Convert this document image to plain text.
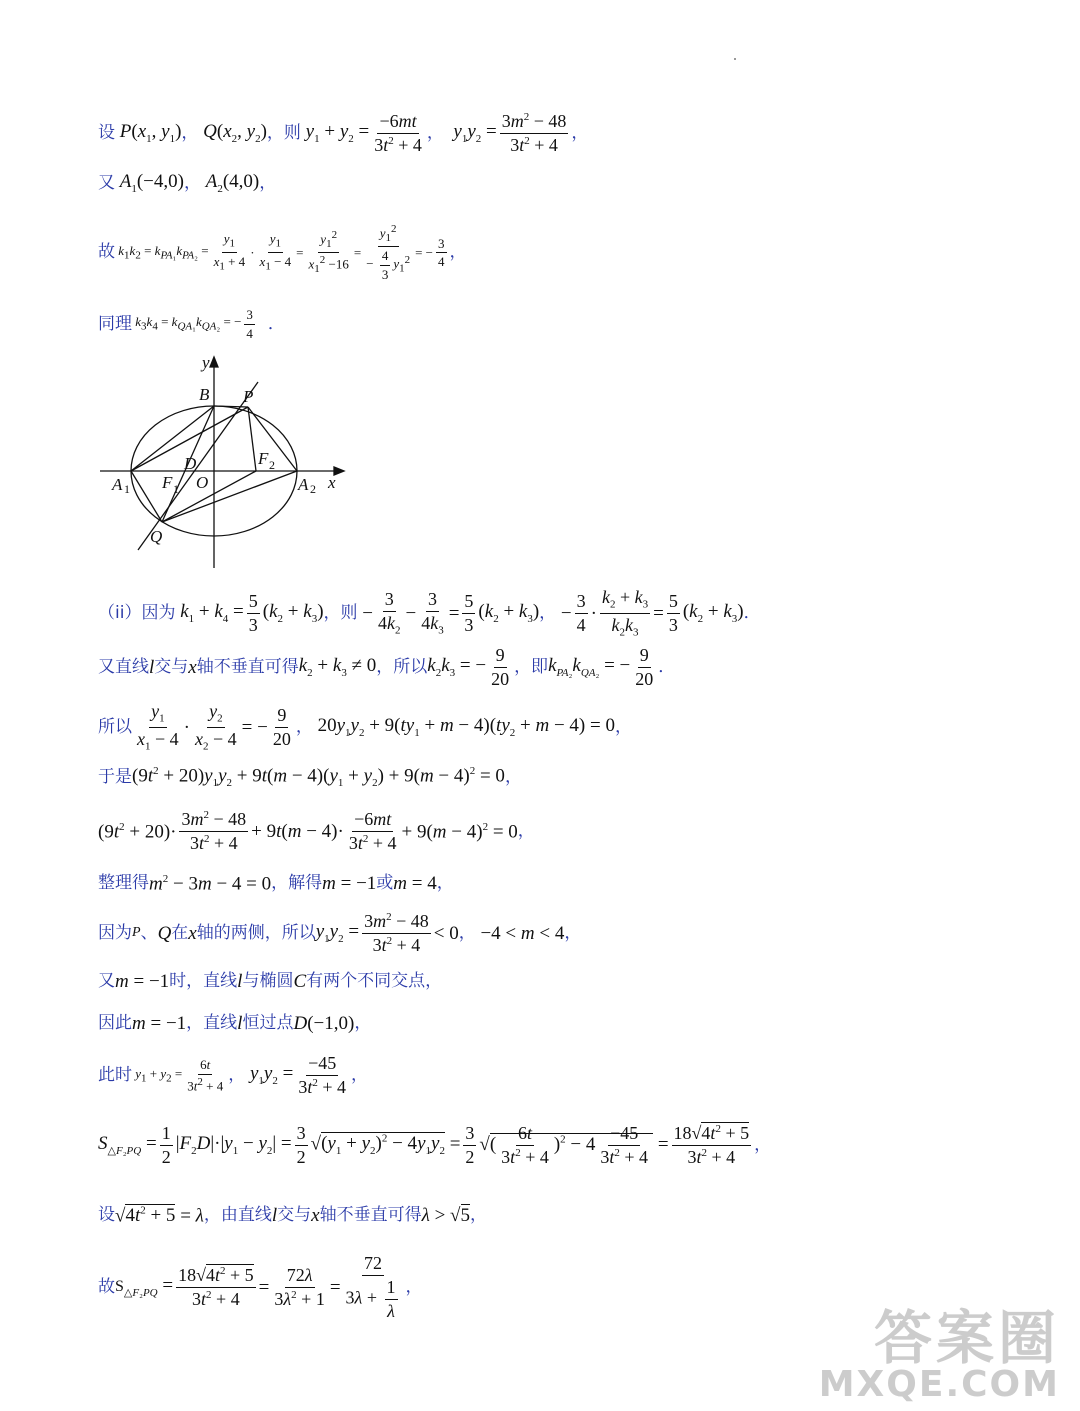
设 $P(x_1$, $y_1$) ， $Q(x_2$, $y_2$) ，则 $y_1 + y_2 = \frac{-6mt}{3t^2 + 4}$ ， $y_1y_2 = \frac{3m^2 - 48}{3t^2 + 4}$ ，
又 $A_1(-4,0)$ ， $A_2(4,0)$ ，
故 $k_1k_2 = k_{PA_1}k_{PA_2} = \frac{y_1}{x_1 + 4} \cdot \frac{y_1}{x_1 - 4} = \frac{y_1^2}{x_1^2 -16} = \frac{y_1^2}{- \frac{4}{3} y_1^2}$ = − $\frac{3}{4}$ ，
同理 $k_3k_4 = k_{QA_1}k_{QA_2}$ = − $\frac{3}{4}$ ．
y
B P
D	F 2
A 1 F 1 O	A 2 x
Q
（ii）因为 $k_1 + k_4 = \frac{5}{3} (k_2 + k_3)$ ，则 − $\frac{3}{4k_2} - \frac{3}{4k_3} = \frac{5}{3} (k_2 + k_3)$ ， − $\frac{3}{4} \cdot \frac{k_2 + k_3}{k_2k_3} = \frac{5}{3} (k_2 + k_3)$ ．
又直线 l 交与 x 轴不垂直可得 $k_2 + k_3 \ne 0$ ，所以 $k_2k_3$ = − $\frac{9}{20}$ ，即 $k_{PA_2}k_{QA_2}$ = − $\frac{9}{20}$ ．
所以 $\frac{y_1}{x_1 - 4} \cdot \frac{y_2}{x_2 - 4}$ = − $\frac{9}{20}$ ， $20y_1y_2 + 9(ty_1 + m - 4)(ty_2 + m - 4) = 0$ ，
于是 $(9t^2 + 20)y_1y_2 + 9t(m - 4)(y_1 + y_2) + 9(m - 4)^2 = 0$ ，
$(9t^2 + 20)\cdot \frac{3m^2 - 48}{3t^2 + 4} + 9t(m - 4)\cdot \frac{-6mt}{3t^2 + 4} + 9(m - 4)^2 = 0$ ，
整理得 $m^2 - 3m - 4 = 0$ ，解得 m = −1 或 m = 4 ，
因为 P 、 Q 在 x 轴的两侧，所以 $y_1y_2 = \frac{3m^2 - 48}{3t^2 + 4} < 0$ ， −4 < m < 4 ，
又 m = −1 时，直线 l 与椭圆 C 有两个不同交点，
因此 m = −1 ，直线 l 恒过点 D(−1,0) ，
此时 $y_1 + y_2 = \frac{6t}{3t^2 + 4}$ ， $y_1y_2 = \frac{-45}{3t^2 + 4}$ ，
$S_{\triangle F_2PQ} = \frac{1}{2} |F_2D|\cdot|y_1 - y_2| = \frac{3}{2} √(y_1 + y_2)^2 - 4y_1y_2 = \frac{3}{2}$ √( $\frac{6t}{3t^2 + 4} )^2 - 4 \frac{-45}{3t^2 + 4} = \frac{18√4t^2 + 5}{3t^2 + 4}$ ，
设 $√4t^2 + 5 = \lambda$ ，由直线 l 交与 x 轴不垂直可得 λ > √5 ，
故 $S_{\triangle F_2PQ} = \frac{18√4t^2 + 5}{3t^2 + 4} = \frac{72\lambda}{3\lambda^2 + 1} = \frac{72}{3\lambda + \frac{1}{\lambda}}$ ，
答案圈
MXQE.COM
